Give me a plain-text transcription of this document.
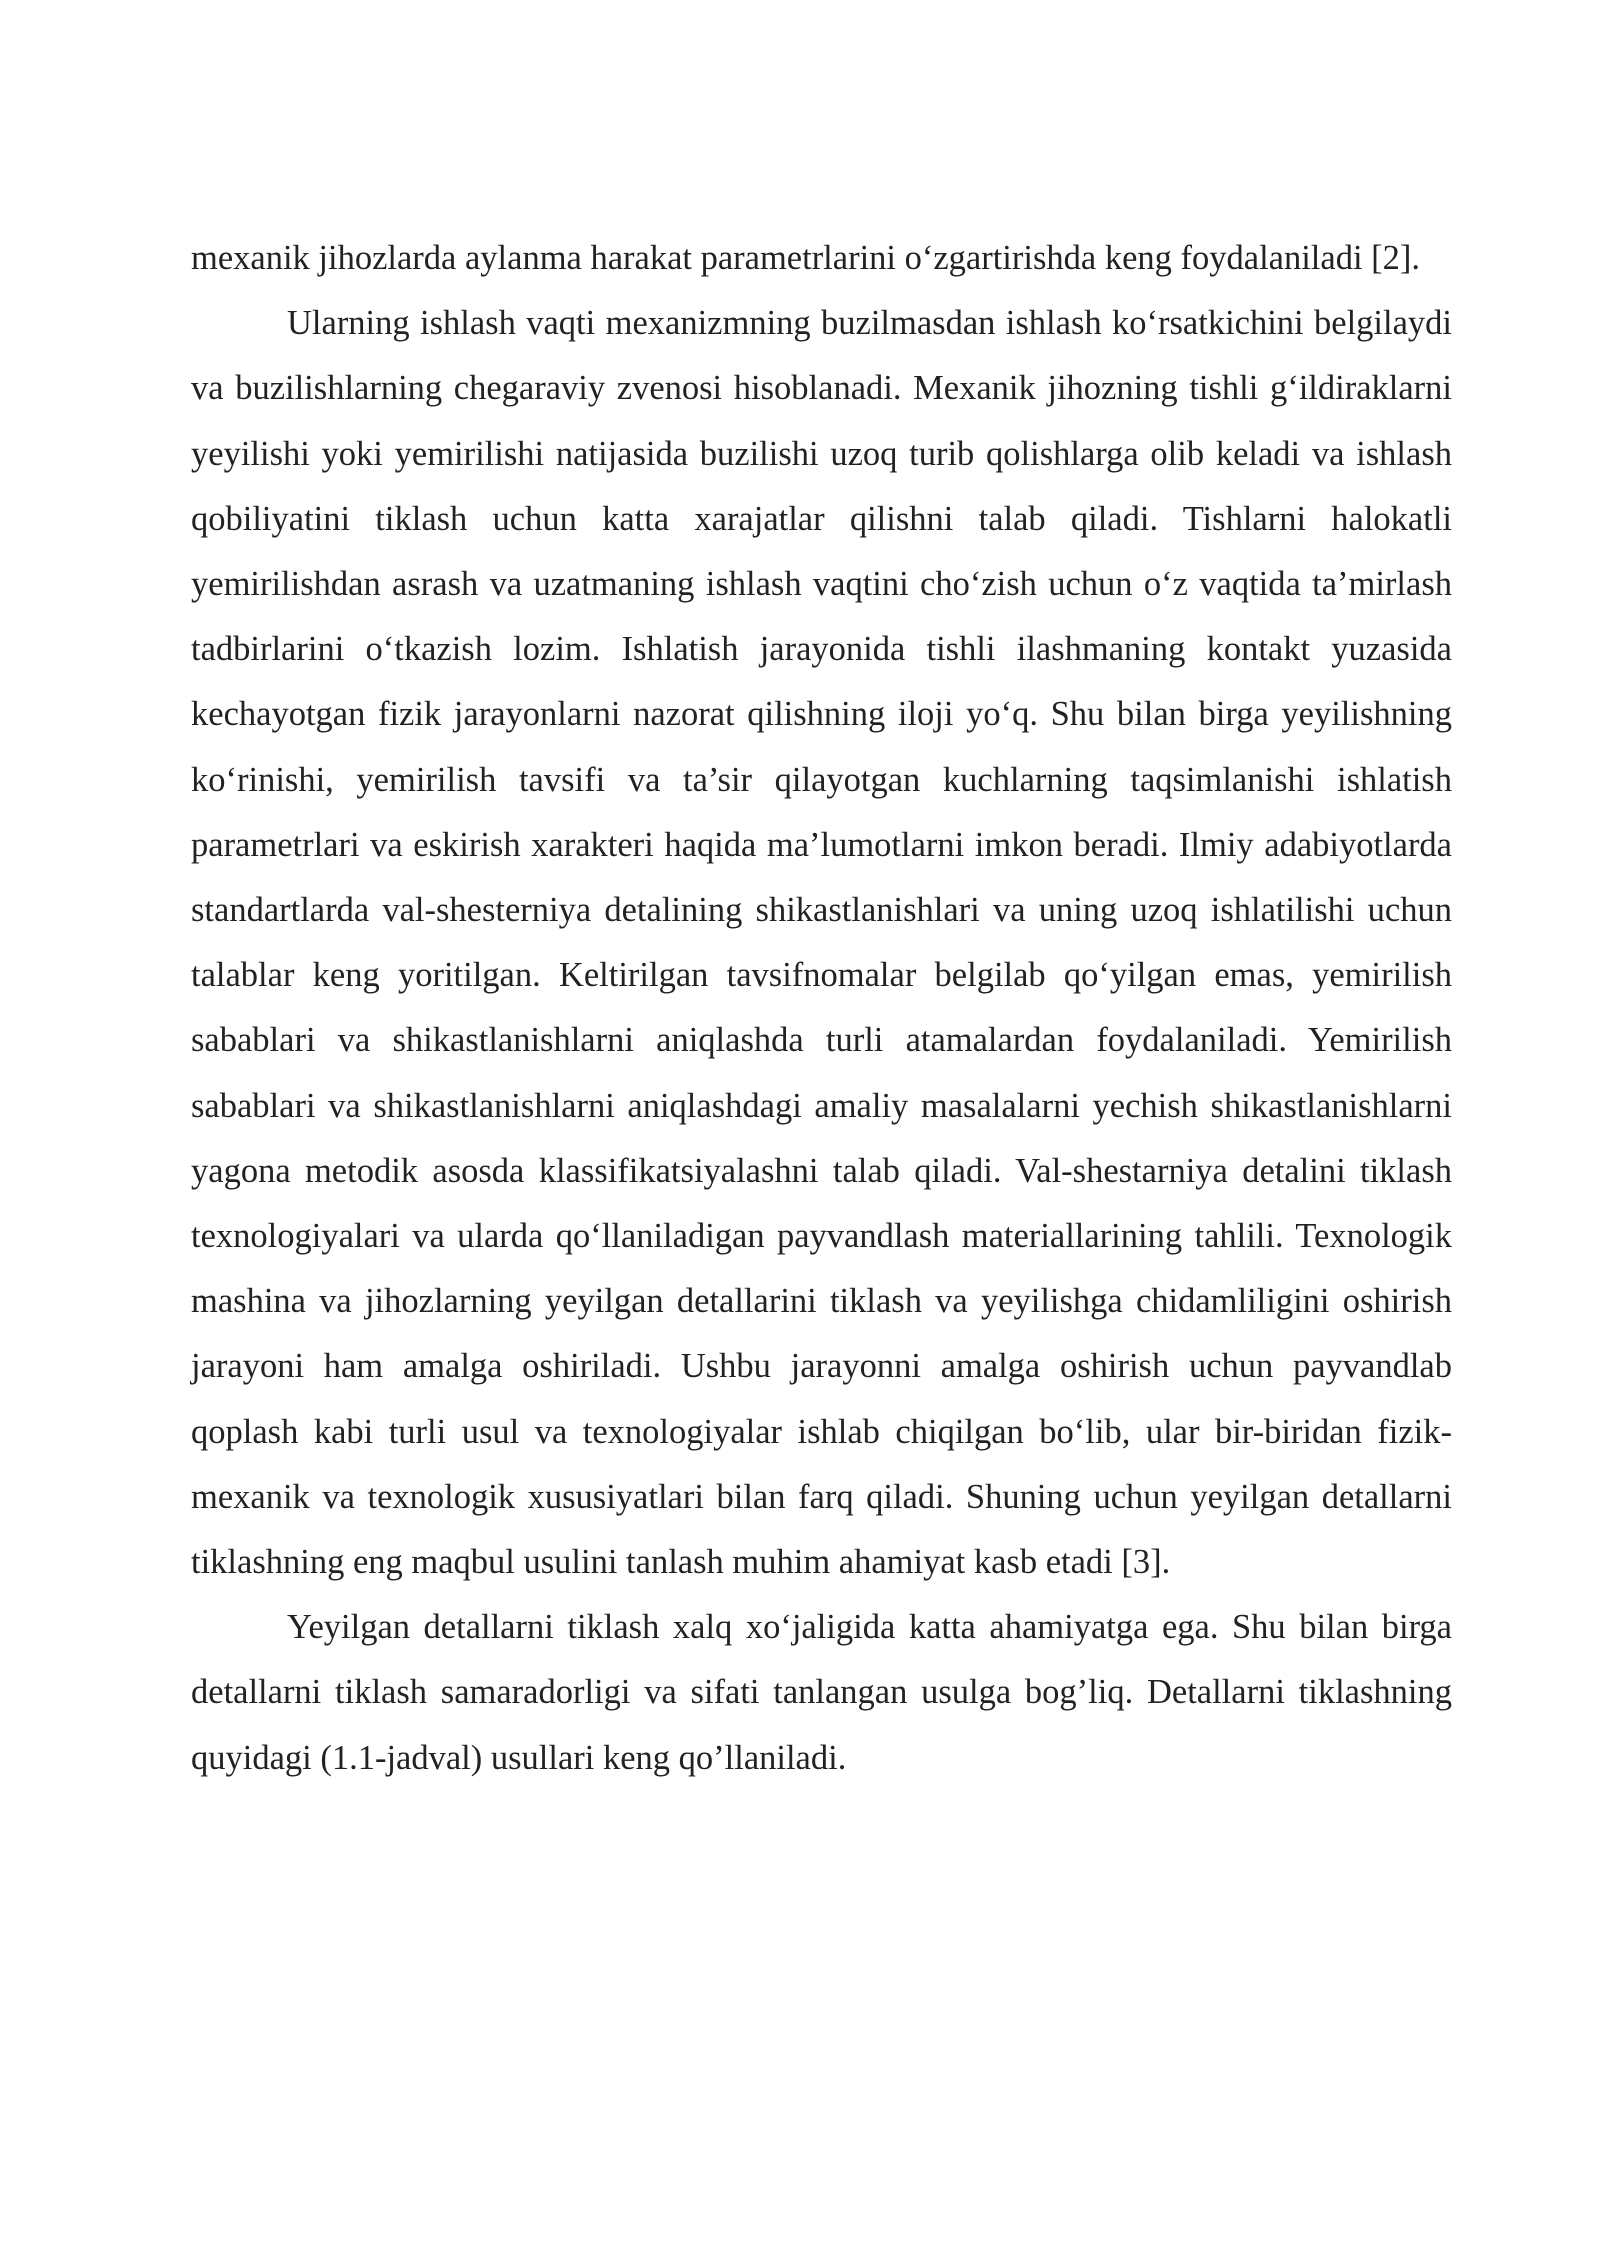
mexanik jihozlarda aylanma harakat parametrlarini o‘zgartirishda keng foydalaniladi [2].

Ularning ishlash vaqti mexanizmning buzilmasdan ishlash ko‘rsatkichini belgilaydi va buzilishlarning chegaraviy zvenosi hisoblanadi. Mexanik jihozning tishli g‘ildiraklarni yeyilishi yoki yemirilishi natijasida buzilishi uzoq turib qolishlarga olib keladi va ishlash qobiliyatini tiklash uchun katta xarajatlar qilishni talab qiladi. Tishlarni halokatli yemirilishdan asrash va uzatmaning ishlash vaqtini cho‘zish uchun o‘z vaqtida ta’mirlash tadbirlarini o‘tkazish lozim. Ishlatish jarayonida tishli ilashmaning kontakt yuzasida kechayotgan fizik jarayonlarni nazorat qilishning iloji yo‘q. Shu bilan birga yeyilishning ko‘rinishi, yemirilish tavsifi va ta’sir qilayotgan kuchlarning taqsimlanishi ishlatish parametrlari va eskirish xarakteri haqida ma’lumotlarni imkon beradi. Ilmiy adabiyotlarda standartlarda val-shesterniya detalining shikastlanishlari va uning uzoq ishlatilishi uchun talablar keng yoritilgan. Keltirilgan tavsifnomalar belgilab qo‘yilgan emas, yemirilish sabablari va shikastlanishlarni aniqlashda turli atamalardan foydalaniladi. Yemirilish sabablari va shikastlanishlarni aniqlashdagi amaliy masalalarni yechish shikastlanishlarni yagona metodik asosda klassifikatsiyalashni talab qiladi. Val-shestarniya detalini tiklash texnologiyalari va ularda qo‘llaniladigan payvandlash materiallarining tahlili. Texnologik mashina va jihozlarning yeyilgan detallarini tiklash va yeyilishga chidamliligini oshirish jarayoni ham amalga oshiriladi. Ushbu jarayonni amalga oshirish uchun payvandlab qoplash kabi turli usul va texnologiyalar ishlab chiqilgan bo‘lib, ular bir-biridan fizik-mexanik va texnologik xususiyatlari bilan farq qiladi. Shuning uchun yeyilgan detallarni tiklashning eng maqbul usulini tanlash muhim ahamiyat kasb etadi [3].

Yeyilgan detallarni tiklash xalq xo‘jaligida katta ahamiyatga ega. Shu bilan birga detallarni tiklash samaradorligi va sifati tanlangan usulga bog’liq. Detallarni tiklashning quyidagi (1.1-jadval) usullari keng qo’llaniladi.
